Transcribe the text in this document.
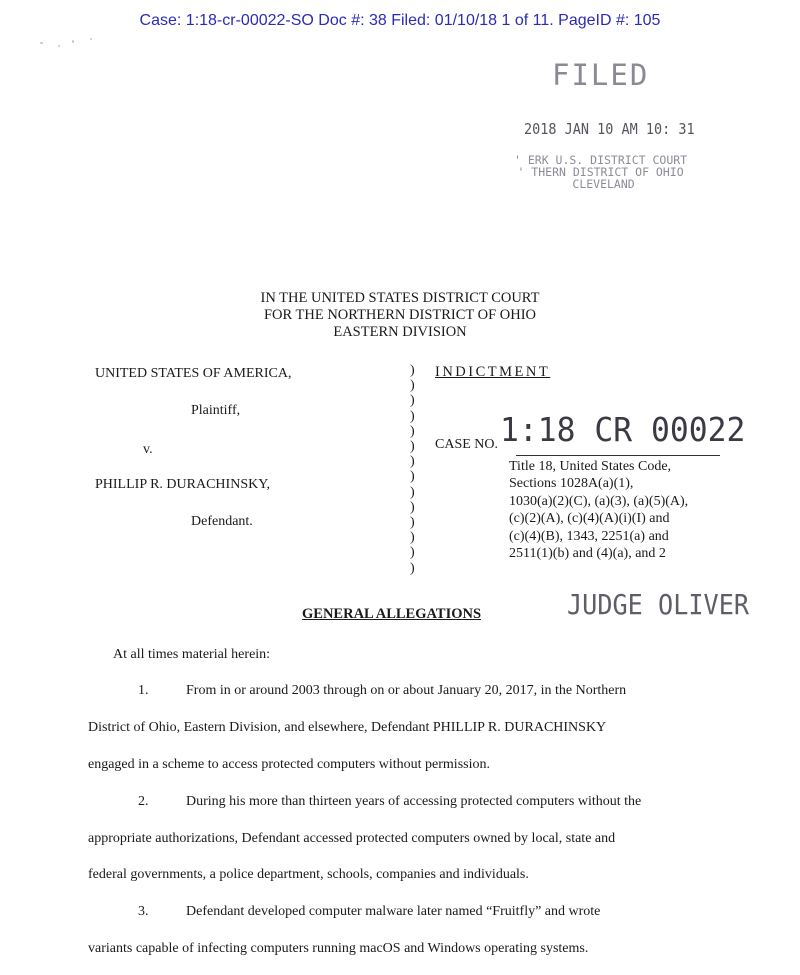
Case: 1:18-cr-00022-SO Doc #: 38 Filed: 01/10/18 1 of 11. PageID #: 105
FILED
2018 JAN 10 AM 10: 31
' ERK U.S. DISTRICT COURT
' THERN DISTRICT OF OHIO
CLEVELAND
IN THE UNITED STATES DISTRICT COURT
FOR THE NORTHERN DISTRICT OF OHIO
EASTERN DIVISION
UNITED STATES OF AMERICA,
Plaintiff,
v.
PHILLIP R. DURACHINSKY,
Defendant.
)
)
)
)
)
)
)
)
)
)
)
)
)
)
INDICTMENT
CASE NO. 1:18 CR 00022
Title 18, United States Code,
Sections 1028A(a)(1),
1030(a)(2)(C), (a)(3), (a)(5)(A),
(c)(2)(A), (c)(4)(A)(i)(I) and
(c)(4)(B), 1343, 2251(a) and
2511(1)(b) and (4)(a), and 2
JUDGE OLIVER
GENERAL ALLEGATIONS
At all times material herein:
1.	From in or around 2003 through on or about January 20, 2017, in the Northern
District of Ohio, Eastern Division, and elsewhere, Defendant PHILLIP R. DURACHINSKY
engaged in a scheme to access protected computers without permission.
2.	During his more than thirteen years of accessing protected computers without the
appropriate authorizations, Defendant accessed protected computers owned by local, state and
federal governments, a police department, schools, companies and individuals.
3.	Defendant developed computer malware later named “Fruitfly” and wrote
variants capable of infecting computers running macOS and Windows operating systems.
